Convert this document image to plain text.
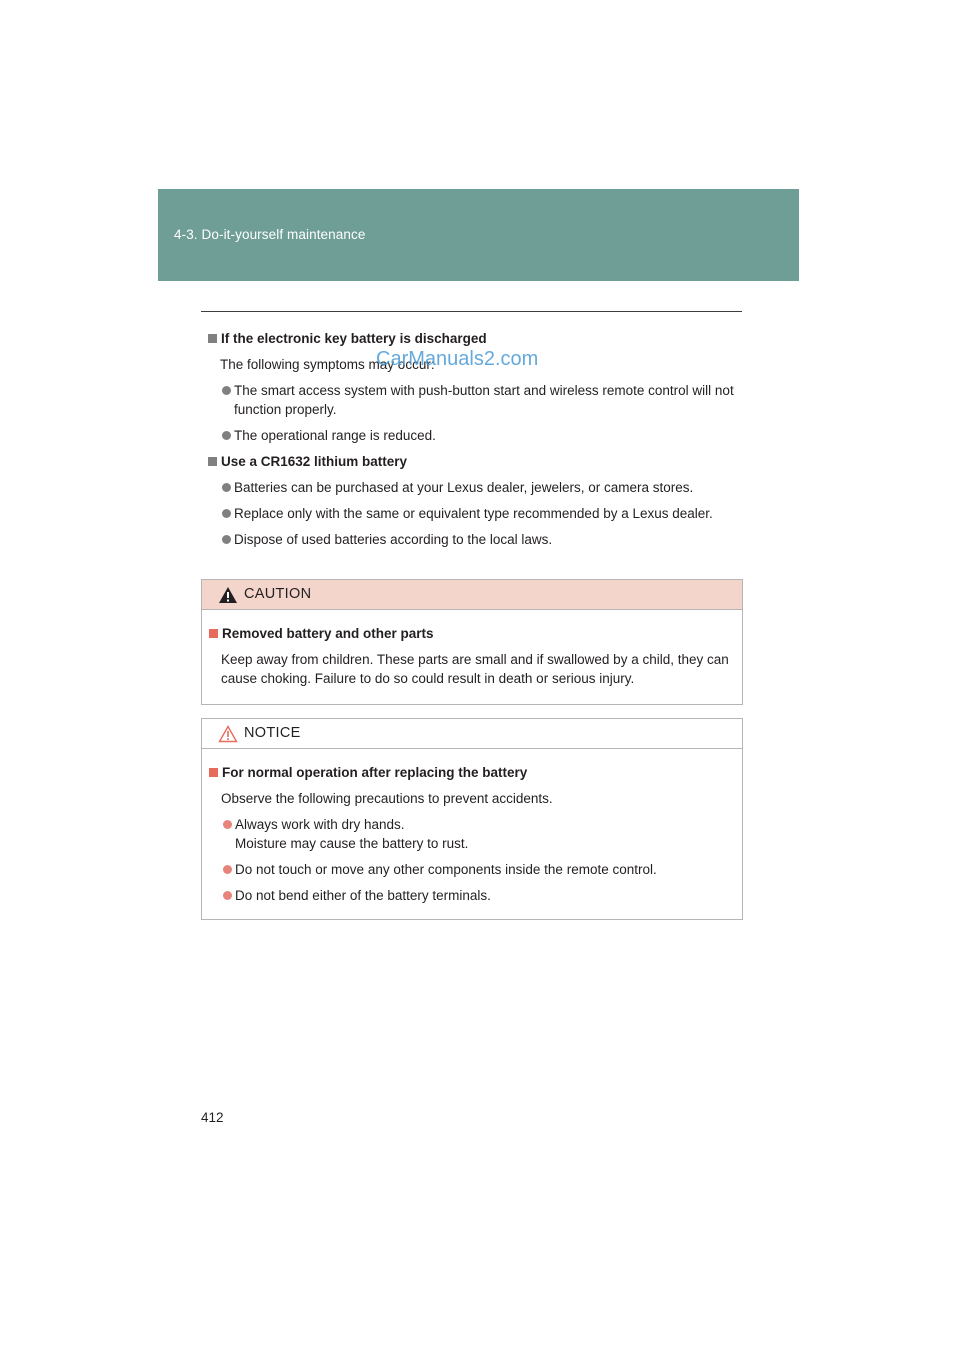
4-3. Do-it-yourself maintenance

If the electronic key battery is discharged

The following symptoms may occur:
The smart access system with push-button start and wireless remote control will not function properly.
The operational range is reduced.

Use a CR1632 lithium battery

Batteries can be purchased at your Lexus dealer, jewelers, or camera stores.
Replace only with the same or equivalent type recommended by a Lexus dealer.
Dispose of used batteries according to the local laws.
CarManuals2.com
CAUTION
Removed battery and other parts
Keep away from children. These parts are small and if swallowed by a child, they can cause choking. Failure to do so could result in death or serious injury.
NOTICE
For normal operation after replacing the battery
Observe the following precautions to prevent accidents.
Always work with dry hands.
Moisture may cause the battery to rust.
Do not touch or move any other components inside the remote control.
Do not bend either of the battery terminals.
412
